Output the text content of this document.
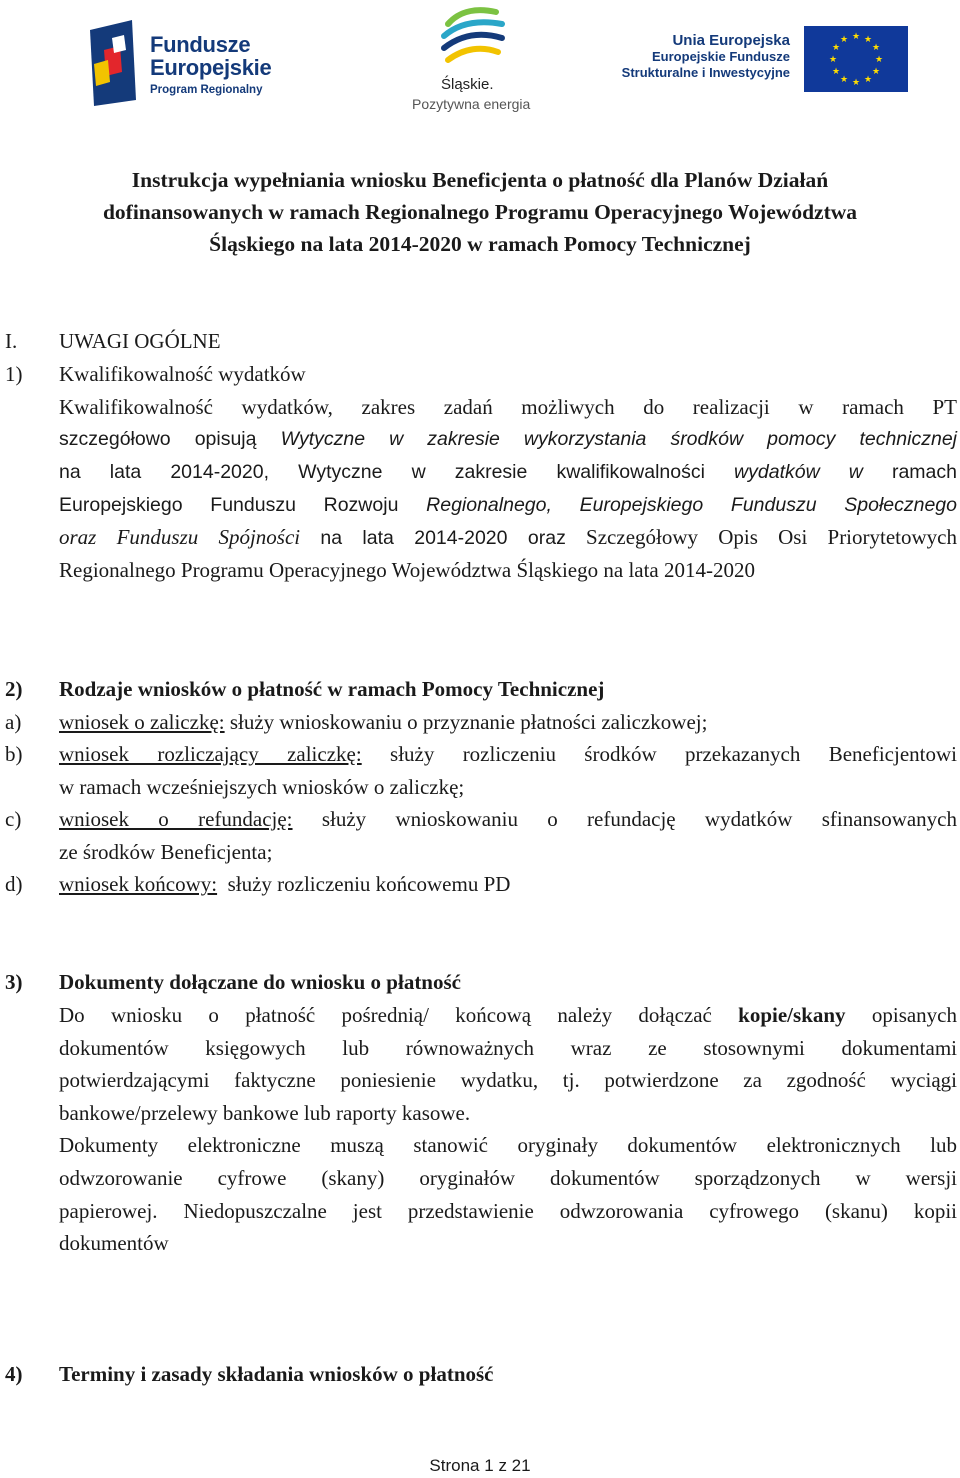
Fundusze
Europejskie
Program Regionalny	Śląskie.
Pozytywna energia
Unia Europejska
Europejskie Fundusze
Strukturalne i Inwestycyjne
★ ★
★
★
★
★
★
★
★
★
★
★
Instrukcja wypełniania wniosku Beneficjenta o płatność dla Planów Działań
dofinansowanych w ramach Regionalnego Programu Operacyjnego Województwa
Śląskiego na lata 2014-2020 w ramach Pomocy Technicznej
I. UWAGI OGÓLNE
1) Kwalifikowalność wydatków
Kwalifikowalność wydatków, zakres zadań możliwych do realizacji w ramach PT
szczegółowo opisują Wytyczne w zakresie wykorzystania środków pomocy technicznej
na lata 2014-2020, Wytyczne w zakresie kwalifikowalności wydatków w ramach
Europejskiego Funduszu Rozwoju Regionalnego, Europejskiego Funduszu Społecznego
oraz Funduszu Spójności na lata 2014-2020 oraz Szczegółowy Opis Osi Priorytetowych
Regionalnego Programu Operacyjnego Województwa Śląskiego na lata 2014-2020
2) Rodzaje wniosków o płatność w ramach Pomocy Technicznej
a) wniosek o zaliczkę: służy wnioskowaniu o przyznanie płatności zaliczkowej;
b) wniosek rozliczający zaliczkę: służy rozliczeniu środków przekazanych Beneficjentowi
w ramach wcześniejszych wniosków o zaliczkę;
c) wniosek o refundację: służy wnioskowaniu o refundację wydatków sfinansowanych
ze środków Beneficjenta;
d) wniosek końcowy: służy rozliczeniu końcowemu PD
3) Dokumenty dołączane do wniosku o płatność
Do wniosku o płatność pośrednią/ końcową należy dołączać kopie/skany opisanych
dokumentów księgowych lub równoważnych wraz ze stosownymi dokumentami
potwierdzającymi faktyczne poniesienie wydatku, tj. potwierdzone za zgodność wyciągi
bankowe/przelewy bankowe lub raporty kasowe.
Dokumenty elektroniczne muszą stanowić oryginały dokumentów elektronicznych lub
odwzorowanie cyfrowe (skany) oryginałów dokumentów sporządzonych w wersji
papierowej. Niedopuszczalne jest przedstawienie odwzorowania cyfrowego (skanu) kopii
dokumentów
4) Terminy i zasady składania wniosków o płatność
Strona 1 z 21
